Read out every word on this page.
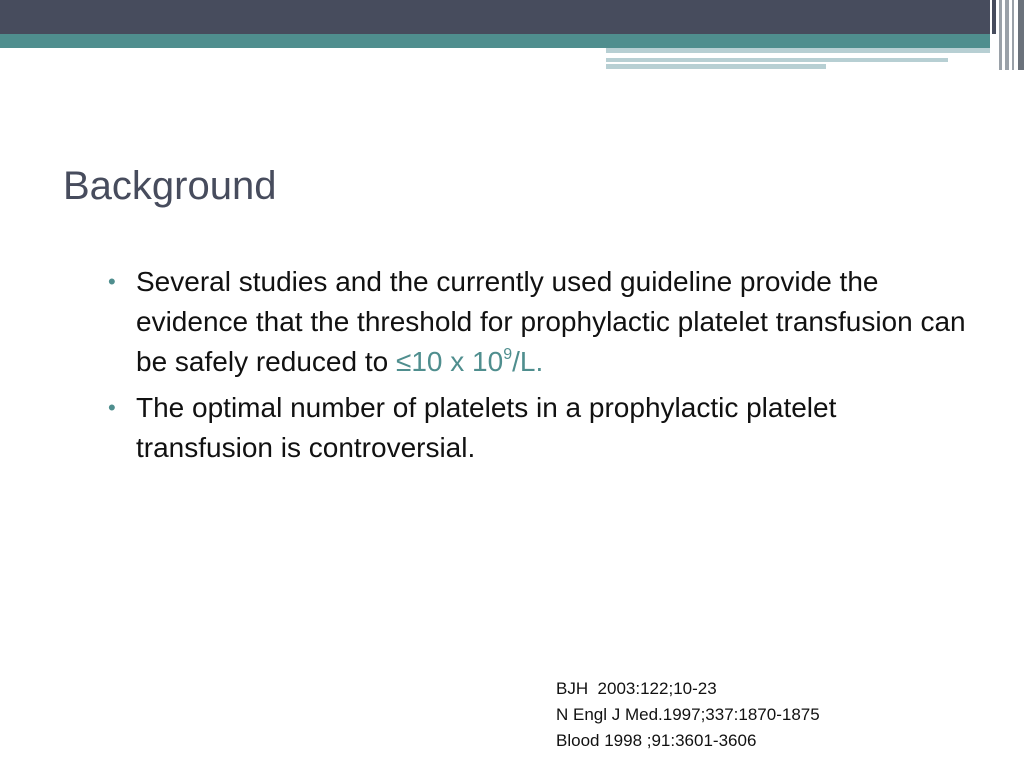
Background
• Several studies and the currently used guideline provide the evidence that the threshold for prophylactic platelet transfusion can be safely reduced to ≤10 x $10^9/L$.
• The optimal number of platelets in a prophylactic platelet transfusion is controversial.
BJH  2003:122;10-23
N Engl J Med.1997;337:1870-1875
Blood 1998 ;91:3601-3606
